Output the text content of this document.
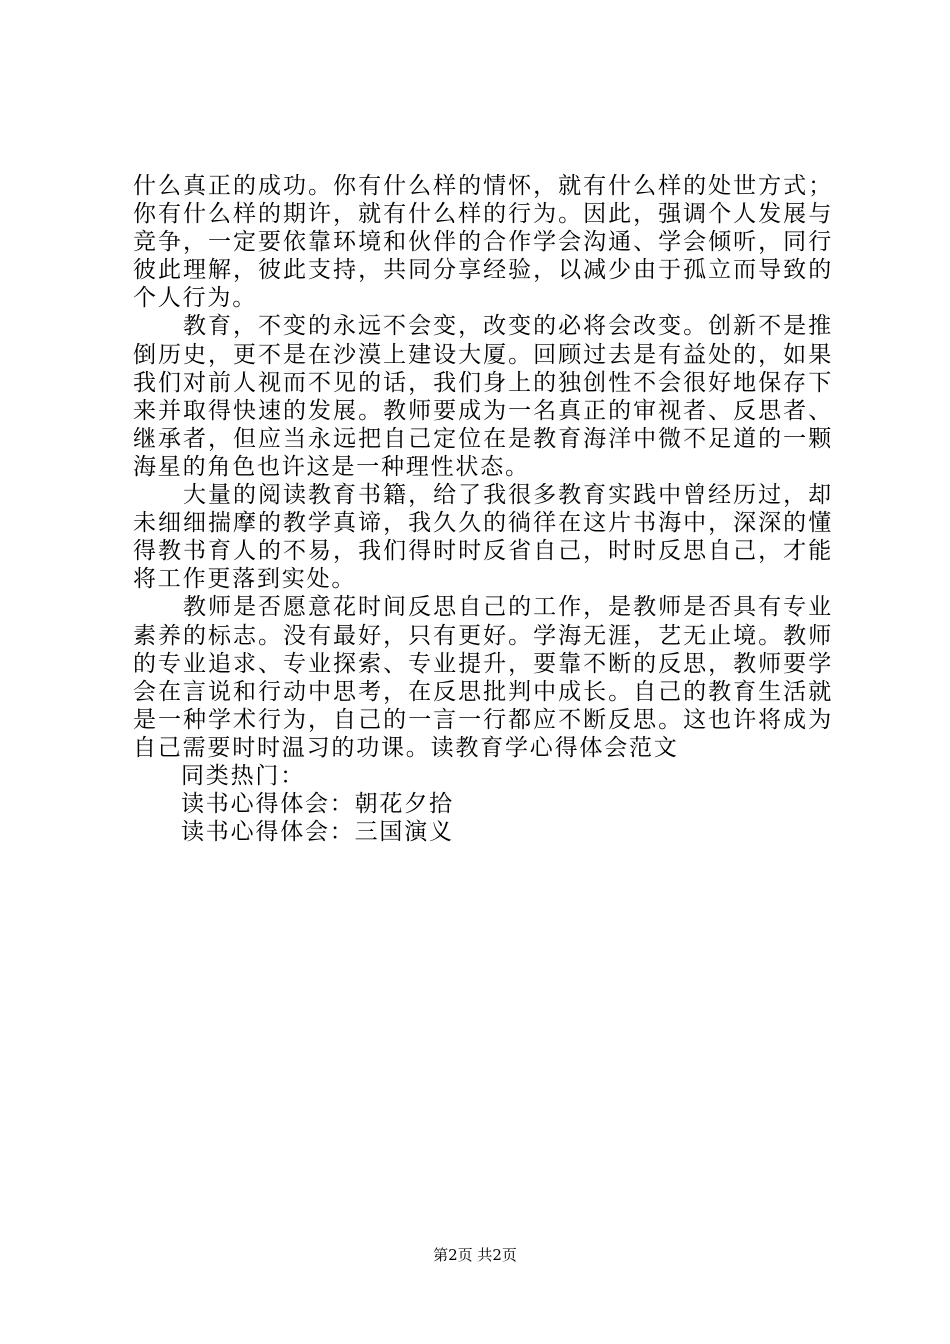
什么真正的成功。你有什么样的情怀，就有什么样的处世方式；你有什么样的期许，就有什么样的行为。因此，强调个人发展与竞争，一定要依靠环境和伙伴的合作学会沟通、学会倾听，同行彼此理解，彼此支持，共同分享经验，以减少由于孤立而导致的个人行为。

教育，不变的永远不会变，改变的必将会改变。创新不是推倒历史，更不是在沙漠上建设大厦。回顾过去是有益处的，如果我们对前人视而不见的话，我们身上的独创性不会很好地保存下来并取得快速的发展。教师要成为一名真正的审视者、反思者、继承者，但应当永远把自己定位在是教育海洋中微不足道的一颗海星的角色也许这是一种理性状态。

大量的阅读教育书籍，给了我很多教育实践中曾经历过，却未细细揣摩的教学真谛，我久久的徜徉在这片书海中，深深的懂得教书育人的不易，我们得时时反省自己，时时反思自己，才能将工作更落到实处。

教师是否愿意花时间反思自己的工作，是教师是否具有专业素养的标志。没有最好，只有更好。学海无涯，艺无止境。教师的专业追求、专业探索、专业提升，要靠不断的反思，教师要学会在言说和行动中思考，在反思批判中成长。自己的教育生活就是一种学术行为，自己的一言一行都应不断反思。这也许将成为自己需要时时温习的功课。读教育学心得体会范文

同类热门：
读书心得体会：朝花夕拾
读书心得体会：三国演义
第2页 共2页
